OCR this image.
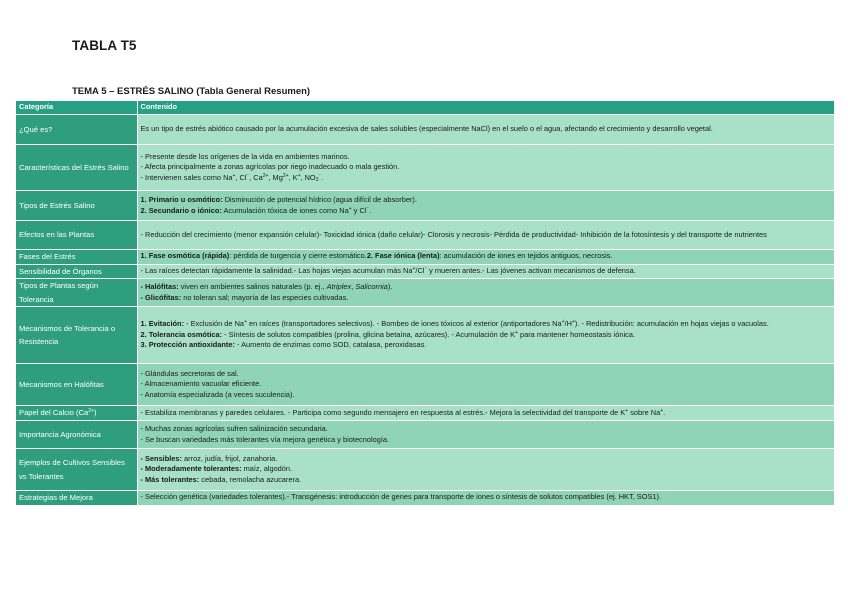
TABLA T5
TEMA 5 – ESTRÉS SALINO (Tabla General Resumen)
Categoría	Contenido
¿Qué es?	Es un tipo de estrés abiótico causado por la acumulación excesiva de sales solubles (especialmente NaCl) en el suelo o el agua, afectando el crecimiento y desarrollo vegetal.
Características del Estrés Salino	- Presente desde los orígenes de la vida en ambientes marinos.
- Afecta principalmente a zonas agrícolas por riego inadecuado o mala gestión.
- Intervienen sales como Na+, Cl⁻, $Ca^{2+}$, $Mg^{2+}$, K+, $NO_3^{^-}$.

Tipos de Estrés Salino	1. Primario u osmótico: Disminución de potencial hídrico (agua difícil de absorber).
2. Secundario o iónico: Acumulación tóxica de iones como Na+ y Cl⁻.

Efectos en las Plantas	- Reducción del crecimiento (menor expansión celular)- Toxicidad iónica (daño celular)- Clorosis y necrosis- Pérdida de productividad- Inhibición de la fotosíntesis y del transporte de nutrientes
Fases del Estrés	1. Fase osmótica (rápida): pérdida de turgencia y cierre estomático.2. Fase iónica (lenta): acumulación de iones en tejidos antiguos, necrosis.

Sensibilidad de Órganos	- Las raíces detectan rápidamente la salinidad.- Las hojas viejas acumulan más Na+/Cl⁻ y mueren antes.- Las jóvenes activan mecanismos de defensa.

Tipos de Plantas según Tolerancia	- Halófitas: viven en ambientes salinos naturales (p. ej., Atriplex, Salicornia).
- Glicófitas: no toleran sal; mayoría de las especies cultivadas.

Mecanismos de Tolerancia o Resistencia	1. Evitación: - Exclusión de Na+ en raíces (transportadores selectivos). - Bombeo de iones tóxicos al exterior (antiportadores Na+/H+). - Redistribución: acumulación en hojas viejas o vacuolas.
2. Tolerancia osmótica: - Síntesis de solutos compatibles (prolina, glicina betaína, azúcares). - Acumulación de K+ para mantener homeostasis iónica.
3. Protección antioxidante: - Aumento de enzimas como SOD, catalasa, peroxidasas.

Mecanismos en Halófitas	- Glándulas secretoras de sal.
- Almacenamiento vacuolar eficiente.
- Anatomía especializada (a veces suculencia).

Papel del Calcio $(Ca^{2+})$	- Estabiliza membranas y paredes celulares. - Participa como segundo mensajero en respuesta al estrés.- Mejora la selectividad del transporte de K+ sobre Na+.

Importancia Agronómica	- Muchas zonas agrícolas sufren salinización secundaria.
- Se buscan variedades más tolerantes vía mejora genética y biotecnología.

Ejemplos de Cultivos Sensibles vs Tolerantes	- Sensibles: arroz, judía, frijol, zanahoria.
- Moderadamente tolerantes: maíz, algodón.
- Más tolerantes: cebada, remolacha azucarera.

Estrategias de Mejora	- Selección genética (variedades tolerantes).- Transgénesis: introducción de genes para transporte de iones o síntesis de solutos compatibles (ej. HKT, SOS1).
